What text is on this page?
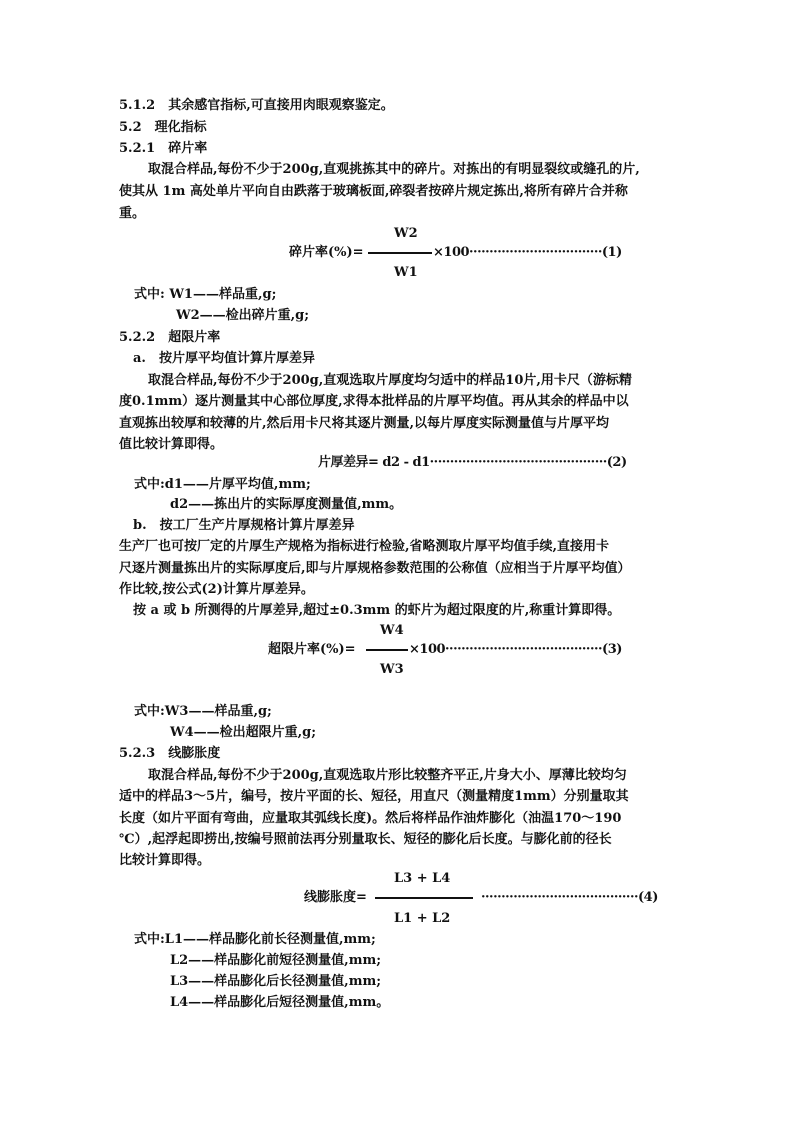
5.1.2　其余感官指标,可直接用肉眼观察鉴定。
5.2　理化指标
5.2.1　碎片率
取混合样品,每份不少于200g,直观挑拣其中的碎片。对拣出的有明显裂纹或缝孔的片,
使其从 1m 高处单片平向自由跌落于玻璃板面,碎裂者按碎片规定拣出,将所有碎片合并称
重。
W2
碎片率(%)=	×100·································(1)
W1
式中: W1——样品重,g;
W2——检出碎片重,g;
5.2.2　超限片率
a.　按片厚平均值计算片厚差异
取混合样品,每份不少于200g,直观选取片厚度均匀适中的样品10片,用卡尺（游标精
度0.1mm）逐片测量其中心部位厚度,求得本批样品的片厚平均值。再从其余的样品中以
直观拣出较厚和较薄的片,然后用卡尺将其逐片测量,以每片厚度实际测量值与片厚平均
值比较计算即得。
片厚差异= d2 - d1············································(2)
式中:d1——片厚平均值,mm;
d2——拣出片的实际厚度测量值,mm。
b.　按工厂生产片厚规格计算片厚差异
生产厂也可按厂定的片厚生产规格为指标进行检验,省略测取片厚平均值手续,直接用卡
尺逐片测量拣出片的实际厚度后,即与片厚规格参数范围的公称值（应相当于片厚平均值）
作比较,按公式(2)计算片厚差异。
按 a 或 b 所测得的片厚差异,超过±0.3mm 的虾片为超过限度的片,称重计算即得。
W4
超限片率(%)=	×100·······································(3)
W3
式中:W3——样品重,g;
W4——检出超限片重,g;
5.2.3　线膨胀度
取混合样品,每份不少于200g,直观选取片形比较整齐平正,片身大小、厚薄比较均匀
适中的样品3～5片，编号，按片平面的长、短径，用直尺（测量精度1mm）分别量取其
长度（如片平面有弯曲，应量取其弧线长度)。然后将样品作油炸膨化（油温170～190
℃）,起浮起即捞出,按编号照前法再分别量取长、短径的膨化后长度。与膨化前的径长
比较计算即得。
L3 + L4
线膨胀度=	·······································(4)
L1 + L2
式中:L1——样品膨化前长径测量值,mm;
L2——样品膨化前短径测量值,mm;
L3——样品膨化后长径测量值,mm;
L4——样品膨化后短径测量值,mm。
